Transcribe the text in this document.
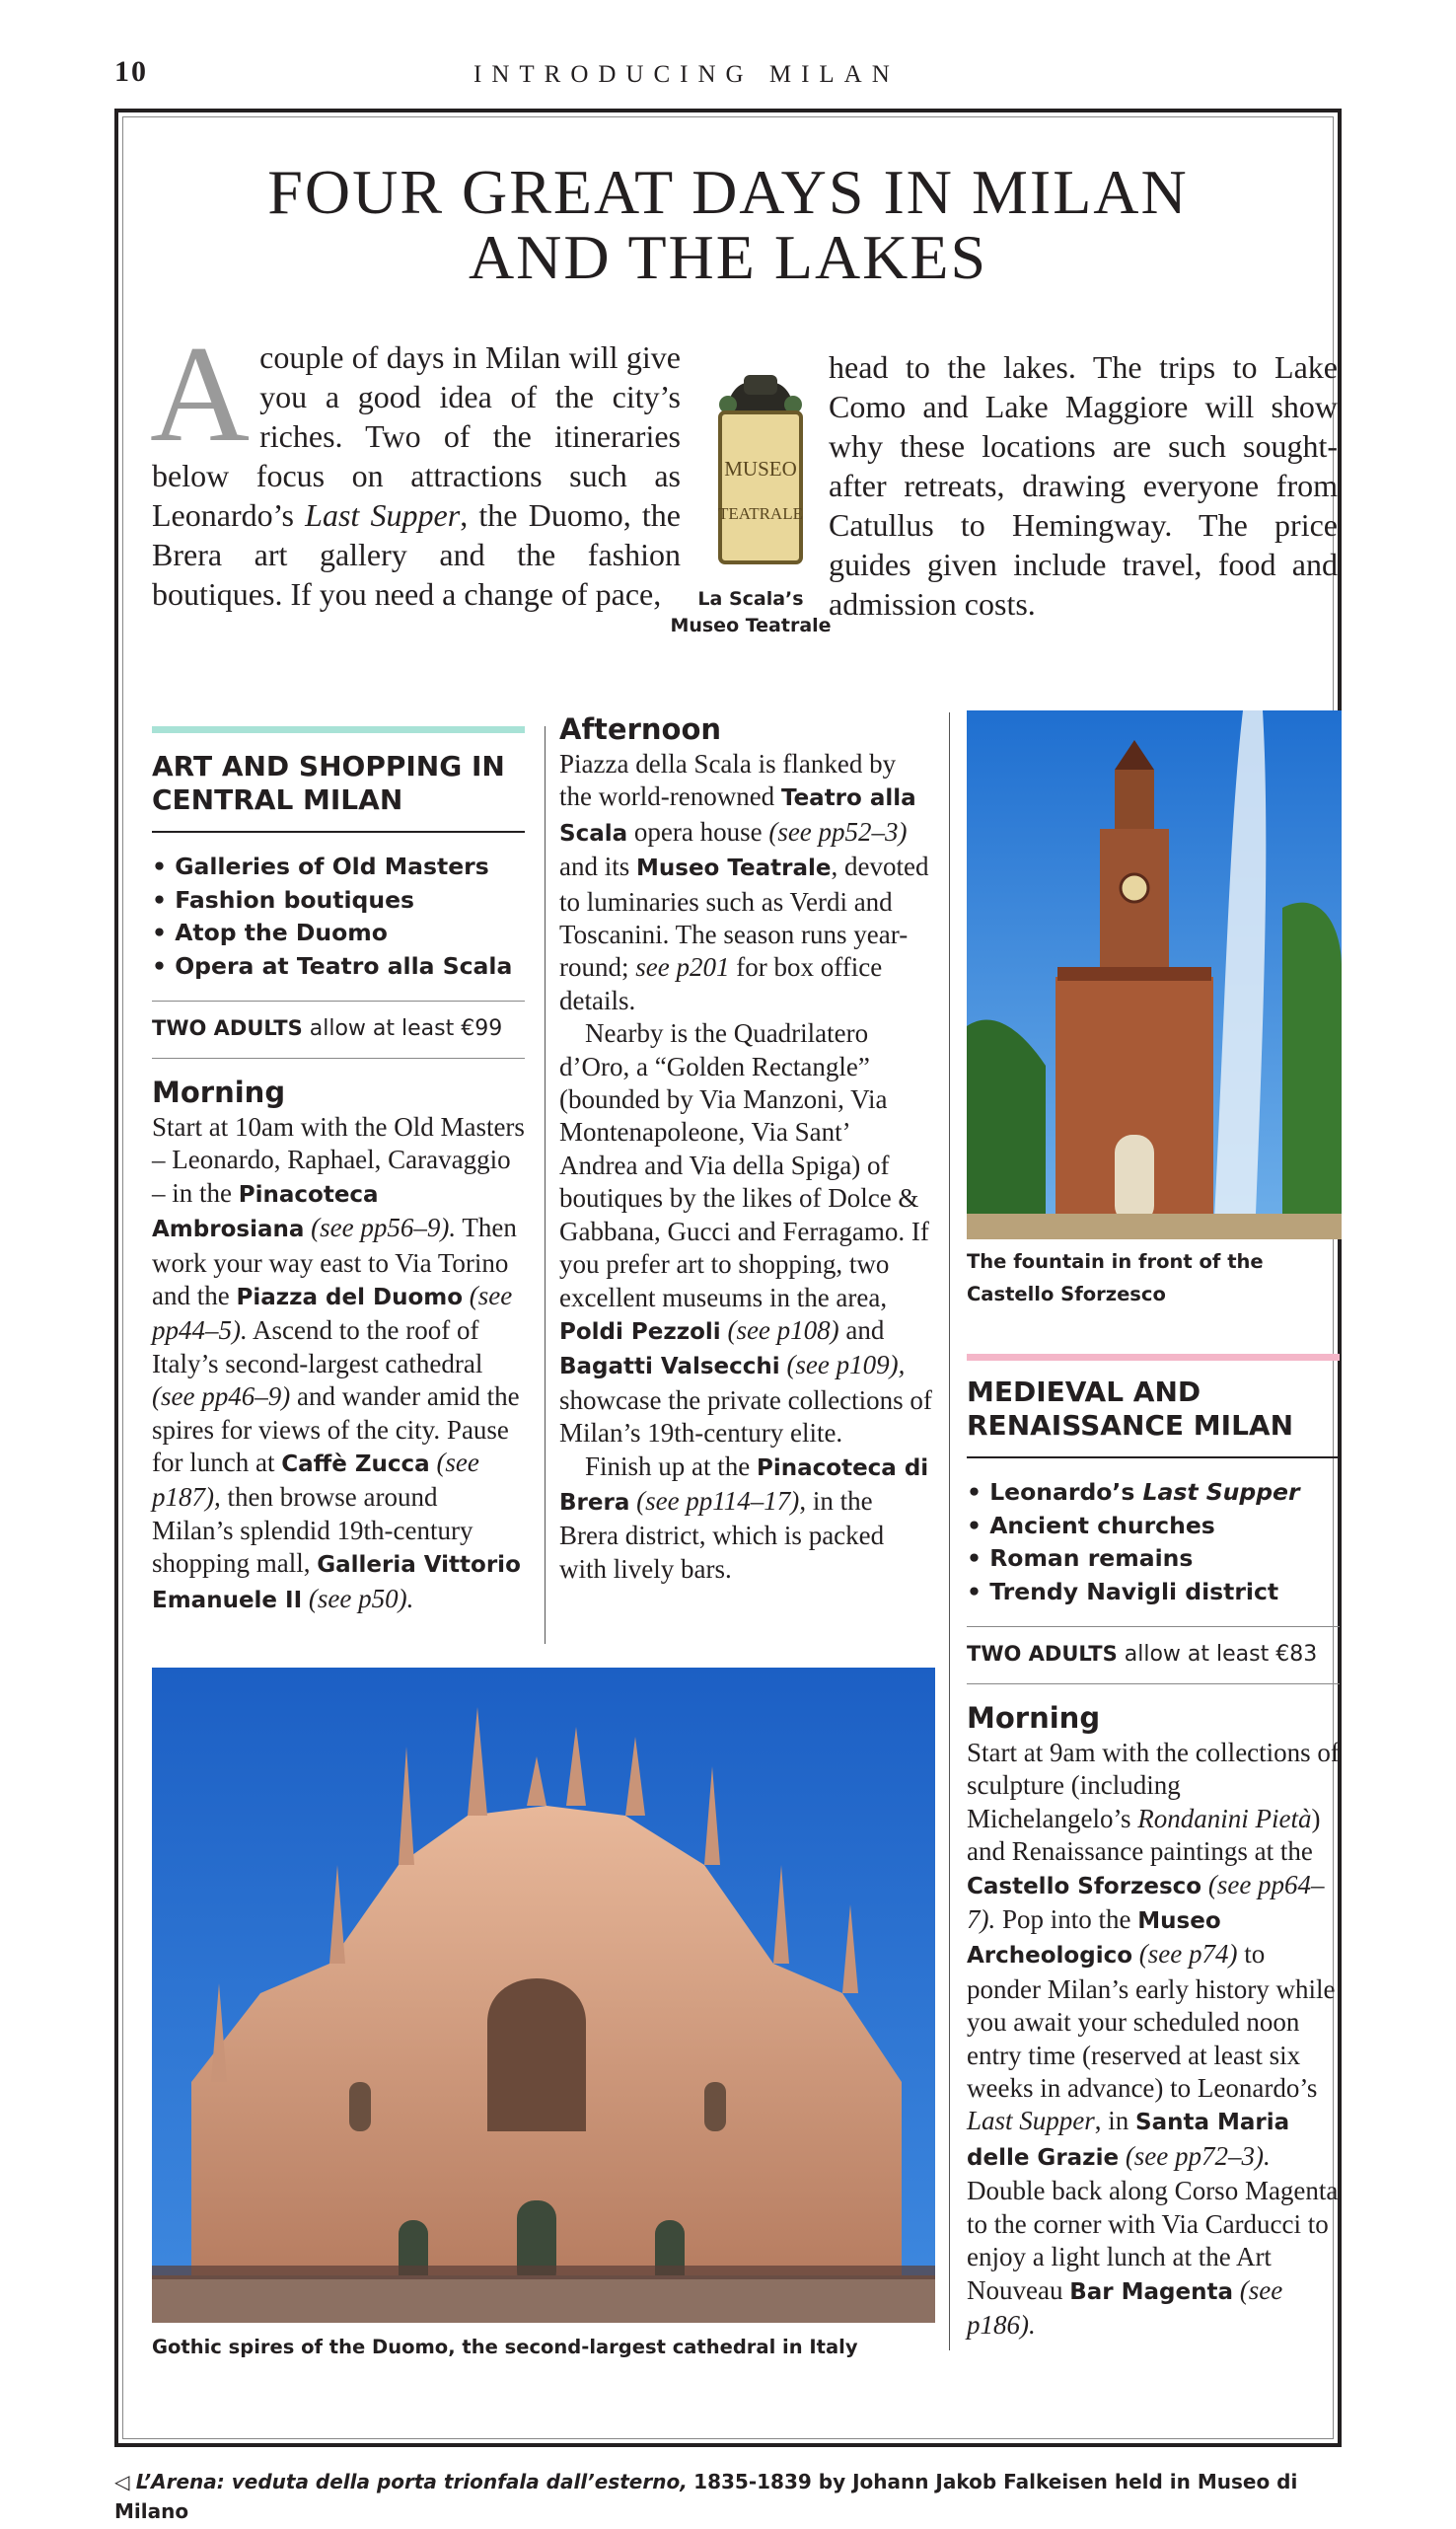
10	INTRODUCING MILAN
FOUR GREAT DAYS IN MILAN
AND THE LAKES
Acouple of days in Milan will give you a good idea of the city’s riches. Two of the itineraries below focus on attractions such as Leonardo’s Last Supper, the Duomo, the Brera art gallery and the fashion boutiques. If you need a change of pace,
head to the lakes. The trips to Lake Como and Lake Maggiore will show why these locations are such sought-after retreats, drawing everyone from Catullus to Hemingway. The price guides given include travel, food and admission costs.
MUSEO
TEATRALE
La Scala’s
Museo Teatrale
ART AND SHOPPING IN
CENTRAL MILAN
• Galleries of Old Masters
• Fashion boutiques
• Atop the Duomo
• Opera at Teatro alla Scala
TWO ADULTS allow at least €99
Morning

Start at 10am with the Old Masters – Leonardo, Raphael, Caravaggio – in the Pinacoteca Ambrosiana (see pp56–9). Then work your way east to Via Torino and the Piazza del Duomo (see pp44–5). Ascend to the roof of Italy’s second-largest cathedral (see pp46–9) and wander amid the spires for views of the city. Pause for lunch at Caffè Zucca (see p187), then browse around Milan’s splendid 19th-century shopping mall, Galleria Vittorio Emanuele II (see p50).

Afternoon

Piazza della Scala is flanked by the world-renowned Teatro alla Scala opera house (see pp52–3) and its Museo Teatrale, devoted to luminaries such as Verdi and Toscanini. The season runs year-round; see p201 for box office details.

Nearby is the Quadrilatero d’Oro, a “Golden Rectangle” (bounded by Via Manzoni, Via Montenapoleone, Via Sant’ Andrea and Via della Spiga) of boutiques by the likes of Dolce & Gabbana, Gucci and Ferragamo. If you prefer art to shopping, two excellent museums in the area, Poldi Pezzoli (see p108) and Bagatti Valsecchi (see p109), showcase the private collections of Milan’s 19th-century elite.

Finish up at the Pinacoteca di Brera (see pp114–17), in the Brera district, which is packed with lively bars.

The fountain in front of the
Castello Sforzesco
MEDIEVAL AND
RENAISSANCE MILAN
• Leonardo’s Last Supper
• Ancient churches
• Roman remains
• Trendy Navigli district
TWO ADULTS allow at least €83
Morning

Start at 9am with the collections of sculpture (including Michelangelo’s Rondanini Pietà) and Renaissance paintings at the Castello Sforzesco (see pp64–7). Pop into the Museo Archeologico (see p74) to ponder Milan’s early history while you await your scheduled noon entry time (reserved at least six weeks in advance) to Leonardo’s Last Supper, in Santa Maria delle Grazie (see pp72–3). Double back along Corso Magenta to the corner with Via Carducci to enjoy a light lunch at the Art Nouveau Bar Magenta (see p186).

Gothic spires of the Duomo, the second-largest cathedral in Italy
◁ L’Arena: veduta della porta trionfala dall’esterno, 1835-1839 by Johann Jakob Falkeisen held in Museo di Milano
